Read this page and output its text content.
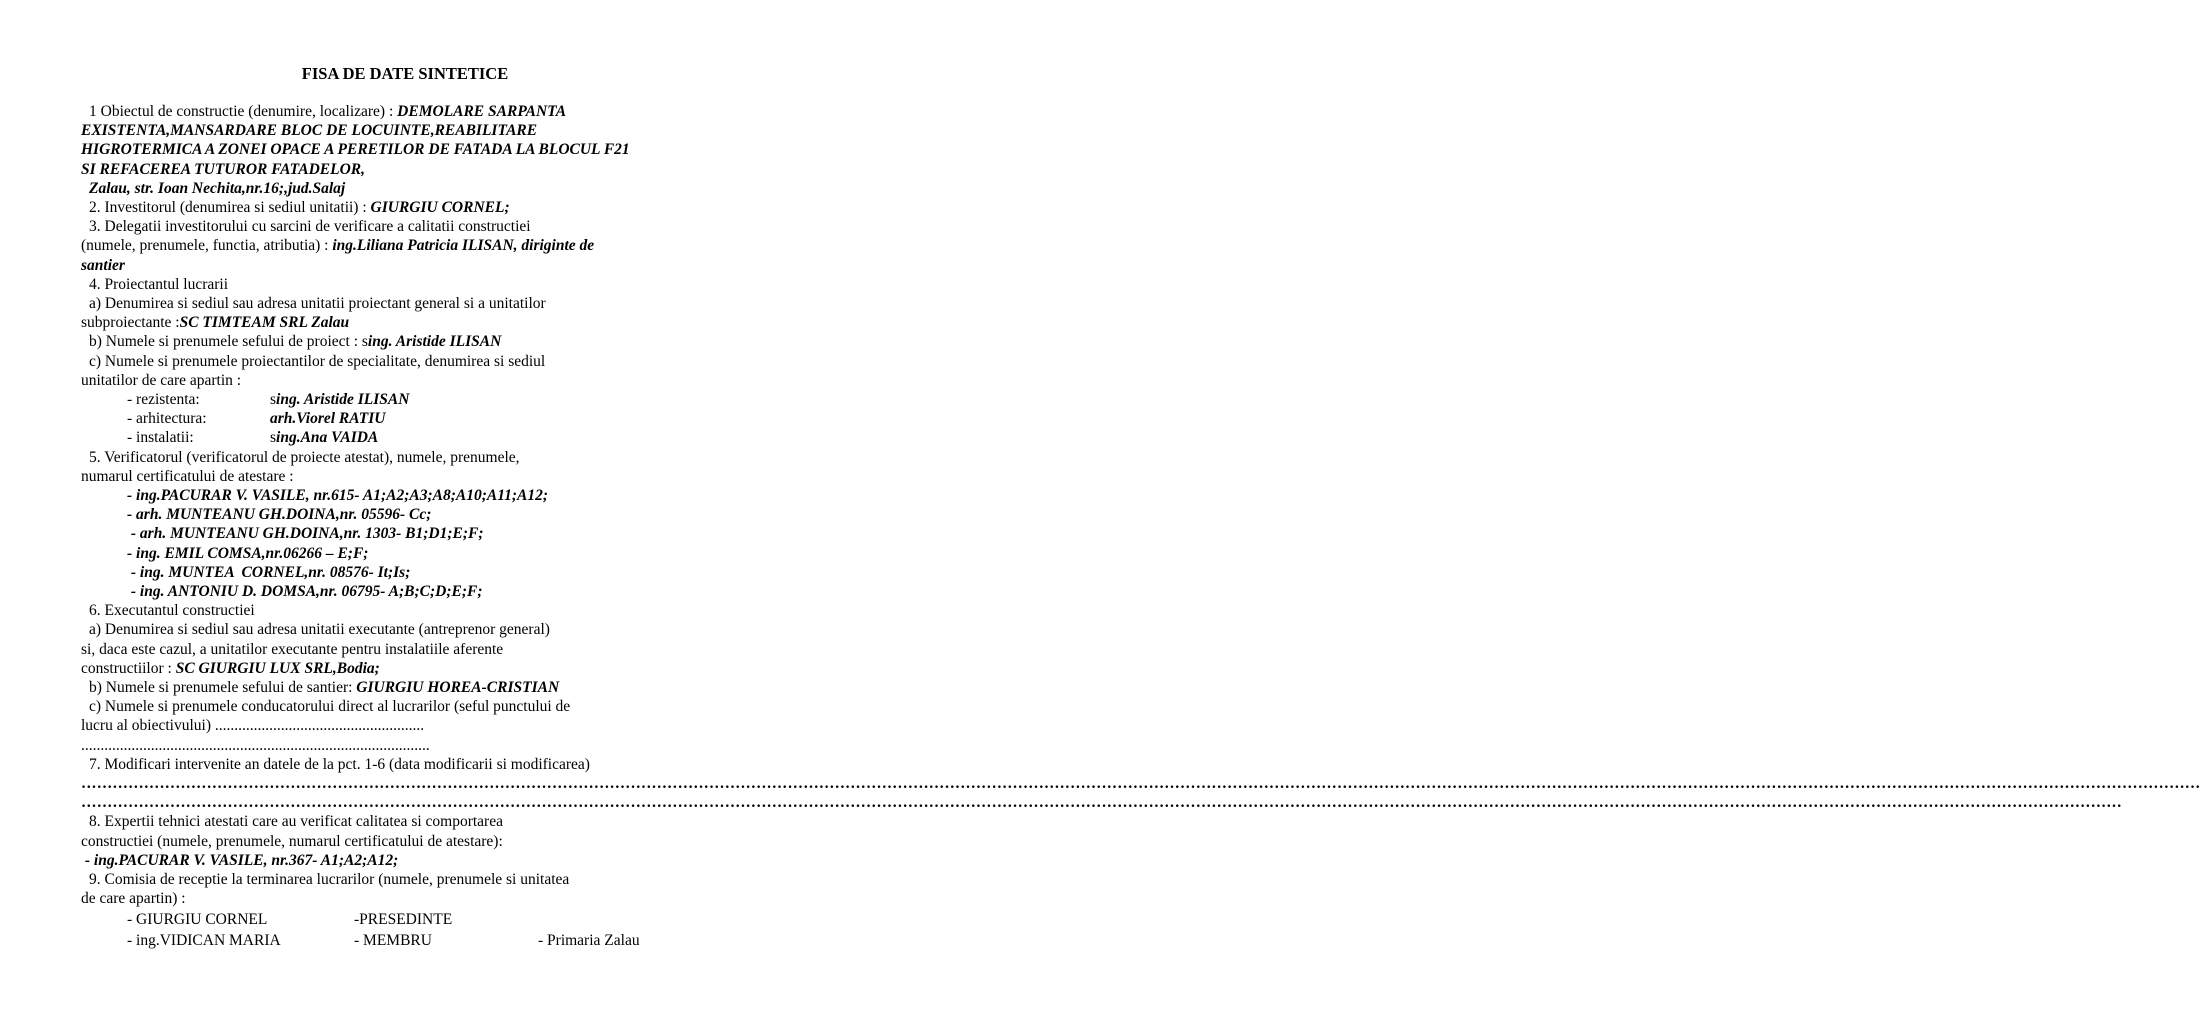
FISA DE DATE SINTETICE
1 Obiectul de constructie (denumire, localizare) : DEMOLARE SARPANTA
EXISTENTA,MANSARDARE BLOC DE LOCUINTE,REABILITARE
HIGROTERMICA A ZONEI OPACE A PERETILOR DE FATADA LA BLOCUL F21
SI REFACEREA TUTUROR FATADELOR,
Zalau, str. Ioan Nechita,nr.16;,jud.Salaj
2. Investitorul (denumirea si sediul unitatii) : GIURGIU CORNEL;
3. Delegatii investitorului cu sarcini de verificare a calitatii constructiei
(numele, prenumele, functia, atributia) : ing.Liliana Patricia ILISAN, diriginte de
santier
4. Proiectantul lucrarii
a) Denumirea si sediul sau adresa unitatii proiectant general si a unitatilor
subproiectante :SC TIMTEAM SRL Zalau
b) Numele si prenumele sefului de proiect : sing. Aristide ILISAN
c) Numele si prenumele proiectantilor de specialitate, denumirea si sediul
unitatilor de care apartin :
- rezistenta:	sing. Aristide ILISAN
- arhitectura:	arh.Viorel RATIU
- instalatii:	sing.Ana VAIDA
5. Verificatorul (verificatorul de proiecte atestat), numele, prenumele,
numarul certificatului de atestare :
- ing.PACURAR V. VASILE, nr.615- A1;A2;A3;A8;A10;A11;A12;
- arh. MUNTEANU GH.DOINA,nr. 05596- Cc;
- arh. MUNTEANU GH.DOINA,nr. 1303- B1;D1;E;F;
- ing. EMIL COMSA,nr.06266 – E;F;
- ing. MUNTEA  CORNEL,nr. 08576- It;Is;
- ing. ANTONIU D. DOMSA,nr. 06795- A;B;C;D;E;F;
6. Executantul constructiei
a) Denumirea si sediul sau adresa unitatii executante (antreprenor general)
si, daca este cazul, a unitatilor executante pentru instalatiile aferente
constructiilor : SC GIURGIU LUX SRL,Bodia;
b) Numele si prenumele sefului de santier: GIURGIU HOREA-CRISTIAN
c) Numele si prenumele conducatorului direct al lucrarilor (seful punctului de
lucru al obiectivului) ......................................................
..........................................................................................
7. Modificari intervenite an datele de la pct. 1-6 (data modificarii si modificarea)
………………………………………………………………………………………………………………………………………………………………………………………………………………………………………………………………………………………………………………………………………………………………………
…………………………………………………………………………………………………………………………………………………………………………………………………………………………………………………………………………………………………………………………………………………………
8. Expertii tehnici atestati care au verificat calitatea si comportarea
constructiei (numele, prenumele, numarul certificatului de atestare):
- ing.PACURAR V. VASILE, nr.367- A1;A2;A12;
9. Comisia de receptie la terminarea lucrarilor (numele, prenumele si unitatea
de care apartin) :
- GIURGIU CORNEL	-PRESEDINTE
- ing.VIDICAN MARIA	- MEMBRU	- Primaria Zalau
